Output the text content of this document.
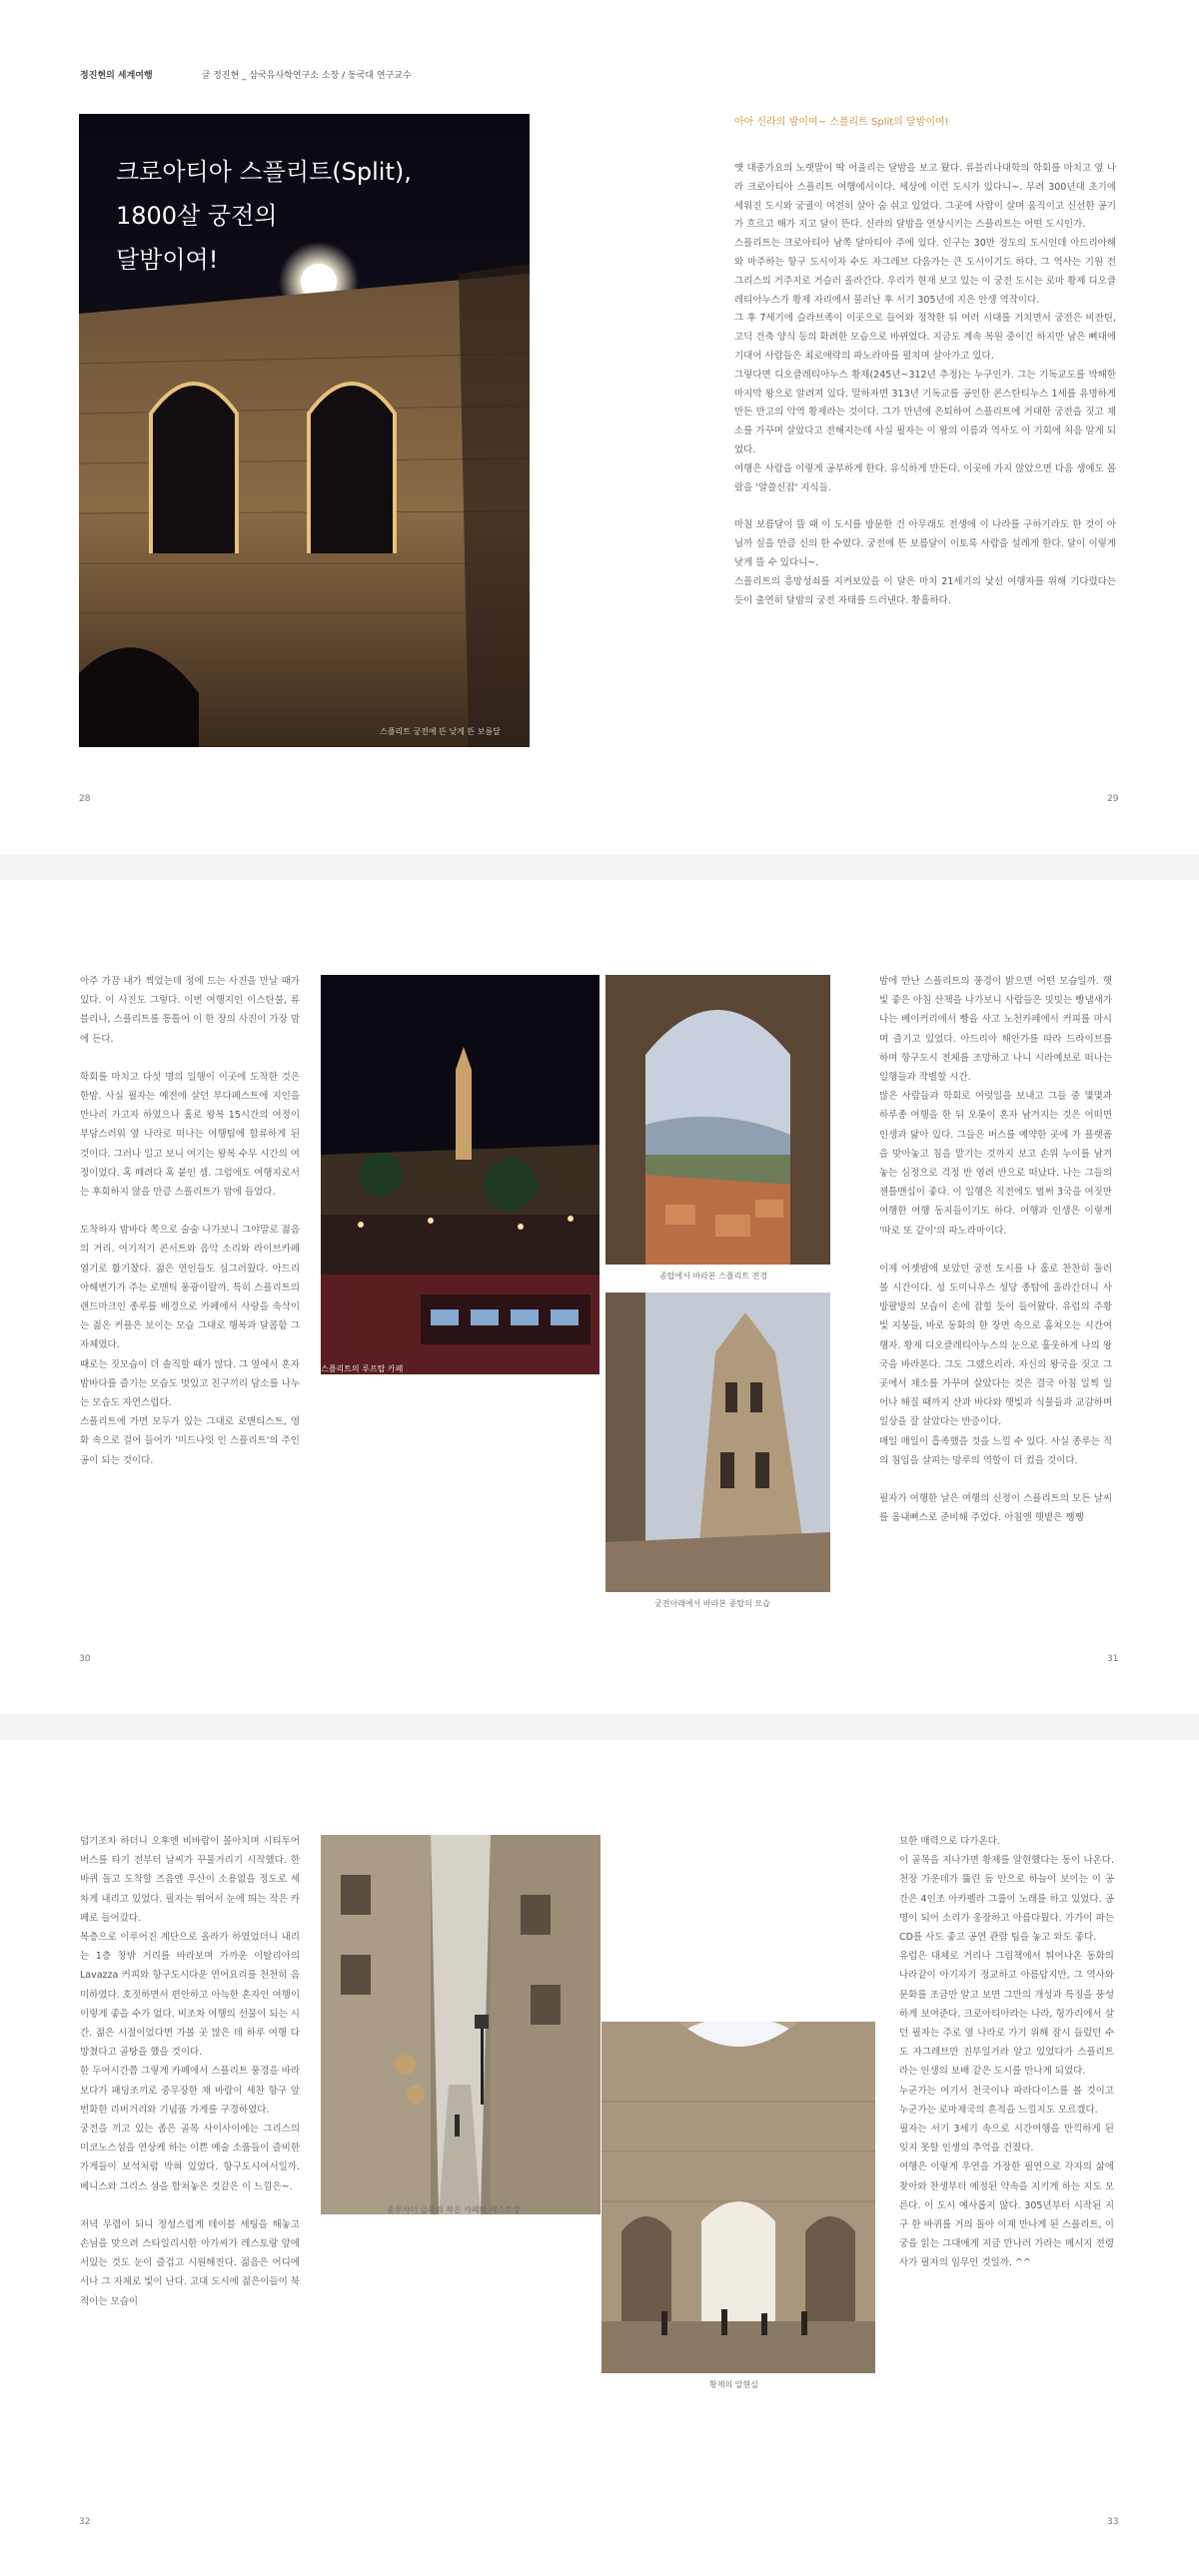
정진현의 세계여행	글 정진현 _ 삼국유사학연구소 소장 / 동국대 연구교수
크로아티아 스플리트(Split),
1800살 궁전의
달밤이여!
스플리트 궁전에 뜬 낮게 뜬 보름달
아아 신라의 밤이여~ 스플리트 Split의 달밤이여!

옛 대중가요의 노랫말이 딱 어울리는 달밤을 보고 왔다. 류블리나대학의 학회를 마치고 옆 나라 크로아티아 스플리트 여행에서이다. 세상에 이런 도시가 있다니~. 무려 300년대 초기에 세워진 도시와 궁궐이 여전히 살아 숨 쉬고 있었다. 그곳에 사람이 살며 움직이고 신선한 공기가 흐르고 해가 지고 달이 뜬다. 신라의 달밤을 연상시키는 스플리트는 어떤 도시인가.

스플리트는 크로아티아 남쪽 달마티아 주에 있다. 인구는 30만 정도의 도시인데 아드리아해와 마주하는 항구 도시이자 수도 자그레브 다음가는 큰 도시이기도 하다. 그 역사는 기원 전 그리스의 거주지로 거슬러 올라간다. 우리가 현재 보고 있는 이 궁전 도시는 로마 황제 디오클레티아누스가 황제 자리에서 물러난 후 서기 305년에 지은 안생 역작이다.

그 후 7세기에 슬라브족이 이곳으로 들어와 정착한 뒤 여러 시대를 거치면서 궁전은 비잔틴, 고딕 건축 양식 등의 화려한 모습으로 바뀌었다. 지금도 계속 복원 중이긴 하지만 남은 뼈대에 기대어 사람들은 최로애락의 파노라마를 펼치며 살아가고 있다.

그렇다면 디오클레티아누스 황제(245년~312년 추정)는 누구인가. 그는 기독교도를 박해한 마지막 왕으로 알려져 있다. 말하자면 313년 기독교를 공인한 콘스탄티누스 1세를 유명하게 만든 만고의 악역 황제라는 것이다. 그가 만년에 은퇴하여 스플리트에 거대한 궁전을 짓고 채소를 가꾸며 살았다고 전해지는데 사실 필자는 이 왕의 이름과 역사도 이 기회에 처음 알게 되었다.

여행은 사람을 이렇게 공부하게 한다. 유식하게 만든다. 이곳에 가지 않았으면 다음 생에도 몰랐을 '알쓸신잡' 지식들.

마침 보름달이 뜰 때 이 도시를 방문한 건 아무래도 전생에 이 나라를 구하기라도 한 것이 아닐까 싶을 만큼 신의 한 수였다. 궁전에 뜬 보름달이 이토록 사람을 설레게 한다. 달이 이렇게 낮게 뜰 수 있다니~.

스플리트의 흥망성쇠를 지켜보았을 이 달은 마치 21세기의 낯선 여행자를 위해 기다렸다는 듯이 출연히 달밤의 궁전 자태를 드러낸다. 황홀하다.

28	29

아주 가끔 내가 찍었는데 정에 드는 사진을 만날 때가 있다. 이 사진도 그렇다. 이번 여행지인 이스탄불, 류블리나, 스플리트를 통틀어 이 한 장의 사진이 가장 맘에 든다.

학회를 마치고 다섯 명의 일행이 이곳에 도착한 것은 한밤. 사실 필자는 예전에 살던 부다페스트에 지인을 만나러 가고자 하였으나 홀로 왕복 15시간의 여정이 부담스러워 옆 나라로 떠나는 여행팀에 합류하게 된 것이다. 그러나 일고 보니 여기는 왕복 수무 시간의 여정이었다. 혹 떼려다 혹 붙인 셈. 그럼에도 여행지로서는 후회하지 않을 만큼 스플리트가 맘에 들었다.

도착하자 밤바다 쪽으로 술술 나가보니 그야말로 젊음의 거리. 여기저기 콘서트와 음악 소리와 라이브카페 열기로 활기찼다. 젊은 연인들도 심그러웠다. 아드리아해변가가 주는 로맨틱 풍광이랄까. 특히 스플리트의 랜드마크인 종루를 배경으로 카페에서 사랑을 속삭이는 젊은 커플은 보이는 모습 그대로 행복과 달콤함 그 자체였다.

때로는 짓모습이 더 솔직할 때가 많다. 그 옆에서 혼자 밤바다를 즐기는 모습도 멋있고 친구끼리 담소를 나누는 모습도 자연스럽다.

스플리트에 가면 모두가 있는 그대로 로맨티스트, 영화 속으로 걸어 들어가 '미드나잇 인 스플리트'의 주인공이 되는 것이다.

스플리트의 루프탑 카페
종탑에서 바라본 스플리트 전경
궁전아래에서 바라본 종탑의 모습

밤에 만난 스플리트의 풍경이 밝으면 어떤 모습일까. 햇빛 좋은 아침 산책을 나가보니 사람들은 밋밋는 빵냄새가 나는 베이커리에서 빵을 사고 노천카페에서 커피를 마시며 즐기고 있었다. 아드리아 해안가를 따라 드라이브를 하며 항구도시 전체를 조망하고 나니 시라예보로 떠나는 일행들과 작별할 시간.

많은 사람들과 학회로 여럿일을 보내고 그들 중 몇몇과 하루종 여행을 한 뒤 오롯이 혼자 남겨지는 것은 어떠면 인생과 닮아 있다. 그들은 버스를 예약한 곳에 가 플랫폼을 맞아놓고 침을 맡기는 것까지 보고 손위 누이를 남겨놓는 심정으로 걱정 반 염려 반으로 떠났다. 나는 그들의 젠틀맨십이 좋다. 이 일행은 직전에도 벌써 3국을 여짓만 여행한 여행 동지들이기도 하다. 여행과 인생은 이렇게 '따로 또 같이'의 파노라마이다.

이제 어젯밤에 보았던 궁전 도시를 나 홀로 찬찬히 둘러 볼 시간이다. 성 도미니우스 성당 종탑에 올라간더니 사방팔방의 모습이 손에 잡힐 듯이 들어왔다. 유럽의 주황빛 지붕들, 바로 동화의 한 장면 속으로 훔쳐오는 시간여행자. 황제 디오클레티아누스의 눈으로 훌웃하게 나의 왕국을 바라본다. 그도 그랬으리라. 자신의 왕국을 짓고 그곳에서 채소를 가꾸며 살았다는 것은 결국 아침 일찍 일어나 해질 때까지 산과 바다와 햇빛과 식물들과 교감하며 일상을 잘 살았다는 반증이다.

매일 매일이 흡족했을 것을 느낄 수 있다. 사실 종루는 적의 침입을 살피는 망루의 역할이 더 컸을 것이다.

필자가 여행한 날은 여행의 신정이 스플리트의 모든 날씨를 옴내뻐스로 준비해 주었다. 아침엔 햇볕은 쨍쨍

30	31

덥기조차 하더니 오후엔 비바람이 몰아치며 시티투어버스를 타기 전부터 날씨가 꾸물거리기 시작했다. 한 바퀴 돌고 도착할 즈음엔 우산이 소용없을 정도로 세차게 내리고 있었다. 필자는 뛰어서 눈에 띄는 작은 카페로 들어갔다.

복층으로 이루어진 계단으로 올라가 하였었더니 내리는 1층 창밖 거리를 바라보며 가까운 이탈리아의 Lavazza 커피와 항구도시다운 연어요리를 천천히 음미하였다. 호젓하면서 편안하고 아늑한 혼자인 여행이 이렇게 좋을 수가 없다. 비조차 여행의 선물이 되는 시간. 젊은 시절이었다면 가볼 곳 많은 데 하루 여행 다 망쳤다고 골탕을 했을 것이다.

한 두어시간쯤 그렇게 카페에서 스플리트 풍경을 바라보다가 패딩조끼로 중무장한 채 바람이 세찬 항구 앞 번화한 리버거리와 기념품 가게를 구경하였다.

궁전을 끼고 있는 좁은 골목 사이사이에는 그리스의 미코노스섬을 연상케 하는 이쁜 예술 소품들이 즐비한 가게들이 보석처럼 박혀 있었다. 항구도시여서일까. 베니스와 그리스 섬을 합쳐놓은 것같은 이 느낌은~.

저녁 무렵이 되니 정성스럽게 테이블 세팅을 해놓고 손님을 맞으려 스타일리시한 아가씨가 레스토랑 앞에 서있는 것도 눈이 즐겁고 시원해진다. 젊음은 어디에서나 그 자체로 빛이 난다. 고대 도시에 젊은이들이 북적이는 모습이

종루사이 골목의 작은 카페와 레스토랑
황제의 알현실

묘한 매력으로 다가온다.

이 골목을 지나가면 황제를 알현했다는 동이 나온다. 천장 가운데가 뚫린 돔 안으로 하늘이 보이는 이 공간은 4인조 아카펠라 그룹이 노래를 하고 있었다. 공명이 되어 소리가 웅장하고 아름다웠다. 가가이 파는 CD를 사도 좋고 공연 관람 팁을 놓고 와도 좋다.

유럽은 대체로 거리나 그림책에서 튀어나온 동화의 나라같이 아기자기 정교하고 아름답지만, 그 역사와 문화를 조금만 알고 보면 그만의 개성과 특징을 풍성하게 보여준다. 크로아티아라는 나라, 헝가리에서 살던 필자는 주로 옆 나라로 가기 위해 잠시 들렀던 수도 자그레브만 진부일거라 알고 있었다가 스플리트라는 인생의 보배 같은 도시를 만나게 되었다.

누군가는 여기서 천국이나 파라다이스를 볼 것이고 누군가는 로마제국의 흔적을 느낄지도 모르겠다.

필자는 서기 3세기 속으로 시간여행을 만끽하게 된 잊지 못할 인생의 추억을 건졌다.

여행은 이렇게 우연을 가장한 필연으로 각자의 삶에 찾아와 찬생부터 예정된 약속을 지키게 하는 지도 모른다. 이 도시 예사롭지 않다. 305년부터 시작된 지구 한 바퀴를 거의 돌아 이제 만나게 된 스플리트, 이 궁을 읽는 그대에게 지금 만나러 가라는 메시지 전령사가 필자의 임무인 것일까. ^^

32	33
